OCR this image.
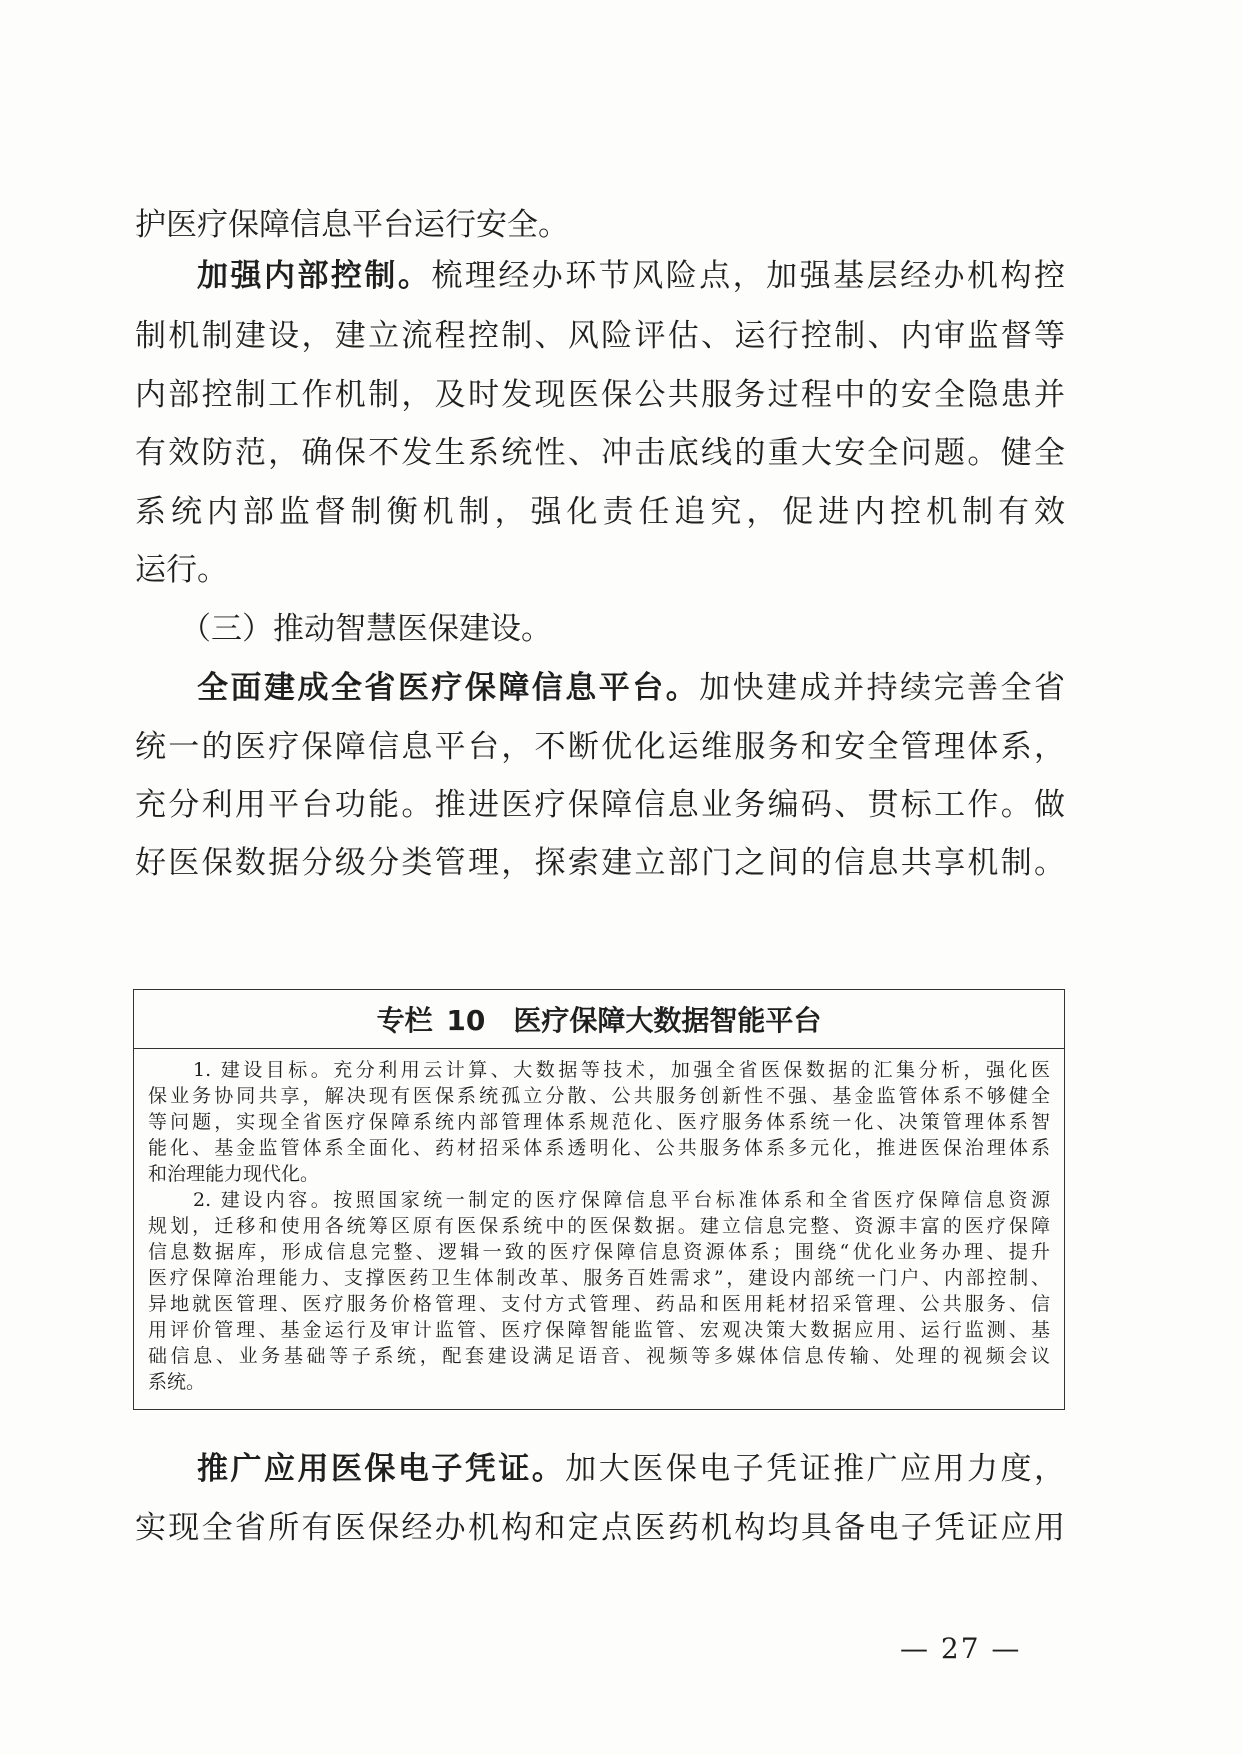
护医疗保障信息平台运行安全。
加强内部控制。梳理经办环节风险点，加强基层经办机构控
制机制建设，建立流程控制、风险评估、运行控制、内审监督等
内部控制工作机制，及时发现医保公共服务过程中的安全隐患并
有效防范，确保不发生系统性、冲击底线的重大安全问题。健全
系统内部监督制衡机制，强化责任追究，促进内控机制有效
运行。
（三）推动智慧医保建设。
全面建成全省医疗保障信息平台。加快建成并持续完善全省
统一的医疗保障信息平台，不断优化运维服务和安全管理体系，
充分利用平台功能。推进医疗保障信息业务编码、贯标工作。做
好医保数据分级分类管理，探索建立部门之间的信息共享机制。
专栏 10　医疗保障大数据智能平台
　　1. 建设目标。充分利用云计算、大数据等技术，加强全省医保数据的汇集分析，强化医
保业务协同共享，解决现有医保系统孤立分散、公共服务创新性不强、基金监管体系不够健全
等问题，实现全省医疗保障系统内部管理体系规范化、医疗服务体系统一化、决策管理体系智
能化、基金监管体系全面化、药材招采体系透明化、公共服务体系多元化，推进医保治理体系
和治理能力现代化。
　　2. 建设内容。按照国家统一制定的医疗保障信息平台标准体系和全省医疗保障信息资源
规划，迁移和使用各统筹区原有医保系统中的医保数据。建立信息完整、资源丰富的医疗保障
信息数据库，形成信息完整、逻辑一致的医疗保障信息资源体系；围绕“优化业务办理、提升
医疗保障治理能力、支撑医药卫生体制改革、服务百姓需求”，建设内部统一门户、内部控制、
异地就医管理、医疗服务价格管理、支付方式管理、药品和医用耗材招采管理、公共服务、信
用评价管理、基金运行及审计监管、医疗保障智能监管、宏观决策大数据应用、运行监测、基
础信息、业务基础等子系统，配套建设满足语音、视频等多媒体信息传输、处理的视频会议
系统。
推广应用医保电子凭证。加大医保电子凭证推广应用力度，
实现全省所有医保经办机构和定点医药机构均具备电子凭证应用
— 27 —
